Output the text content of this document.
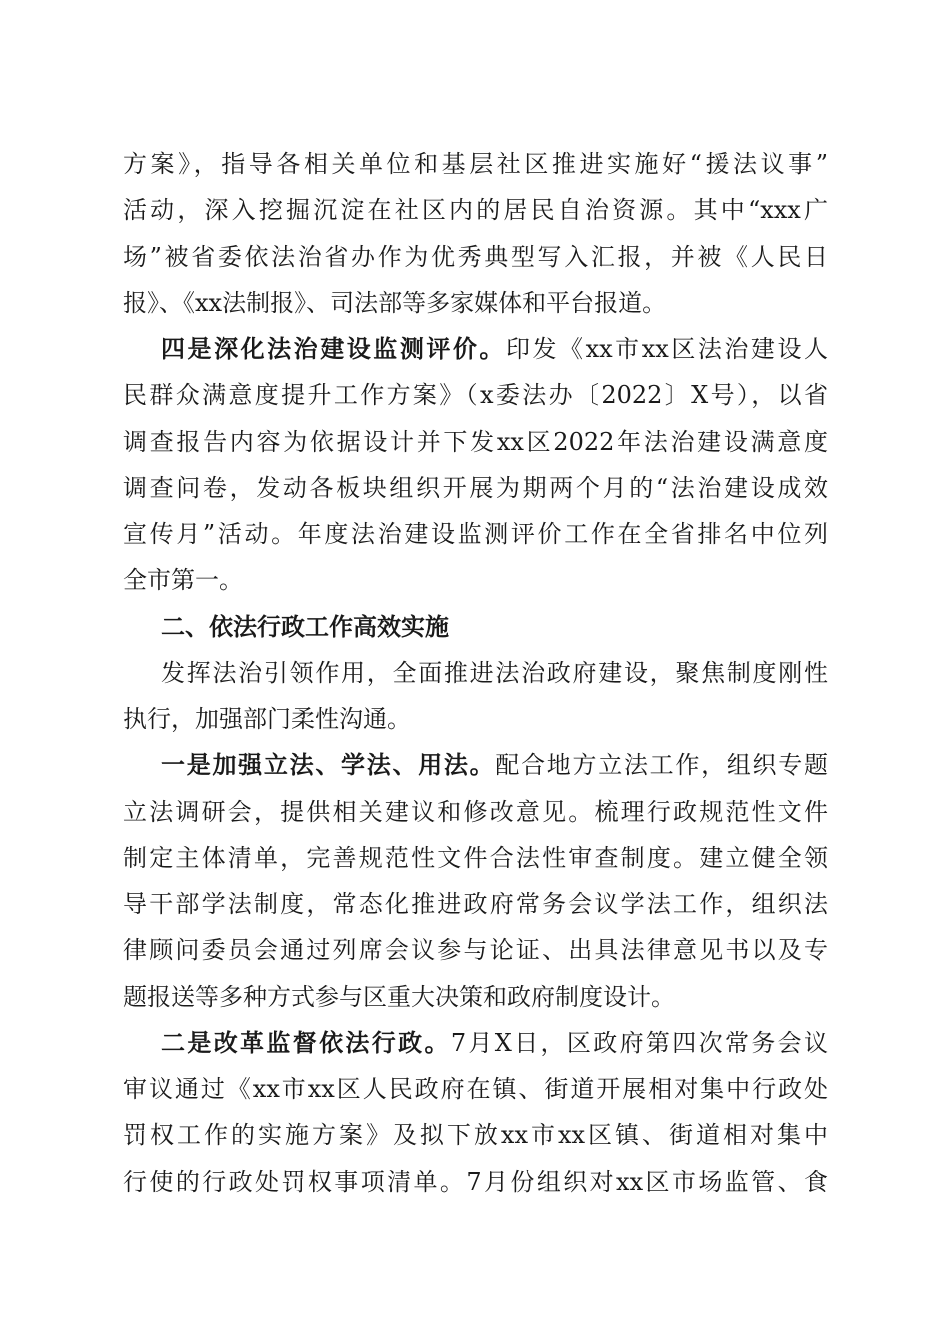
方案》，指导各相关单位和基层社区推进实施好“援法议事”
活动，深入挖掘沉淀在社区内的居民自治资源。其中“xxx广
场”被省委依法治省办作为优秀典型写入汇报，并被《人民日
报》、《xx法制报》、司法部等多家媒体和平台报道。
四是深化法治建设监测评价。印发《xx市xx区法治建设人
民群众满意度提升工作方案》（x委法办〔2022〕X号），以省
调查报告内容为依据设计并下发xx区2022年法治建设满意度
调查问卷，发动各板块组织开展为期两个月的“法治建设成效
宣传月”活动。年度法治建设监测评价工作在全省排名中位列
全市第一。
二、依法行政工作高效实施
发挥法治引领作用，全面推进法治政府建设，聚焦制度刚性
执行，加强部门柔性沟通。
一是加强立法、学法、用法。配合地方立法工作，组织专题
立法调研会，提供相关建议和修改意见。梳理行政规范性文件
制定主体清单，完善规范性文件合法性审查制度。建立健全领
导干部学法制度，常态化推进政府常务会议学法工作，组织法
律顾问委员会通过列席会议参与论证、出具法律意见书以及专
题报送等多种方式参与区重大决策和政府制度设计。
二是改革监督依法行政。7月X日，区政府第四次常务会议
审议通过《xx市xx区人民政府在镇、街道开展相对集中行政处
罚权工作的实施方案》及拟下放xx市xx区镇、街道相对集中
行使的行政处罚权事项清单。7月份组织对xx区市场监管、食
